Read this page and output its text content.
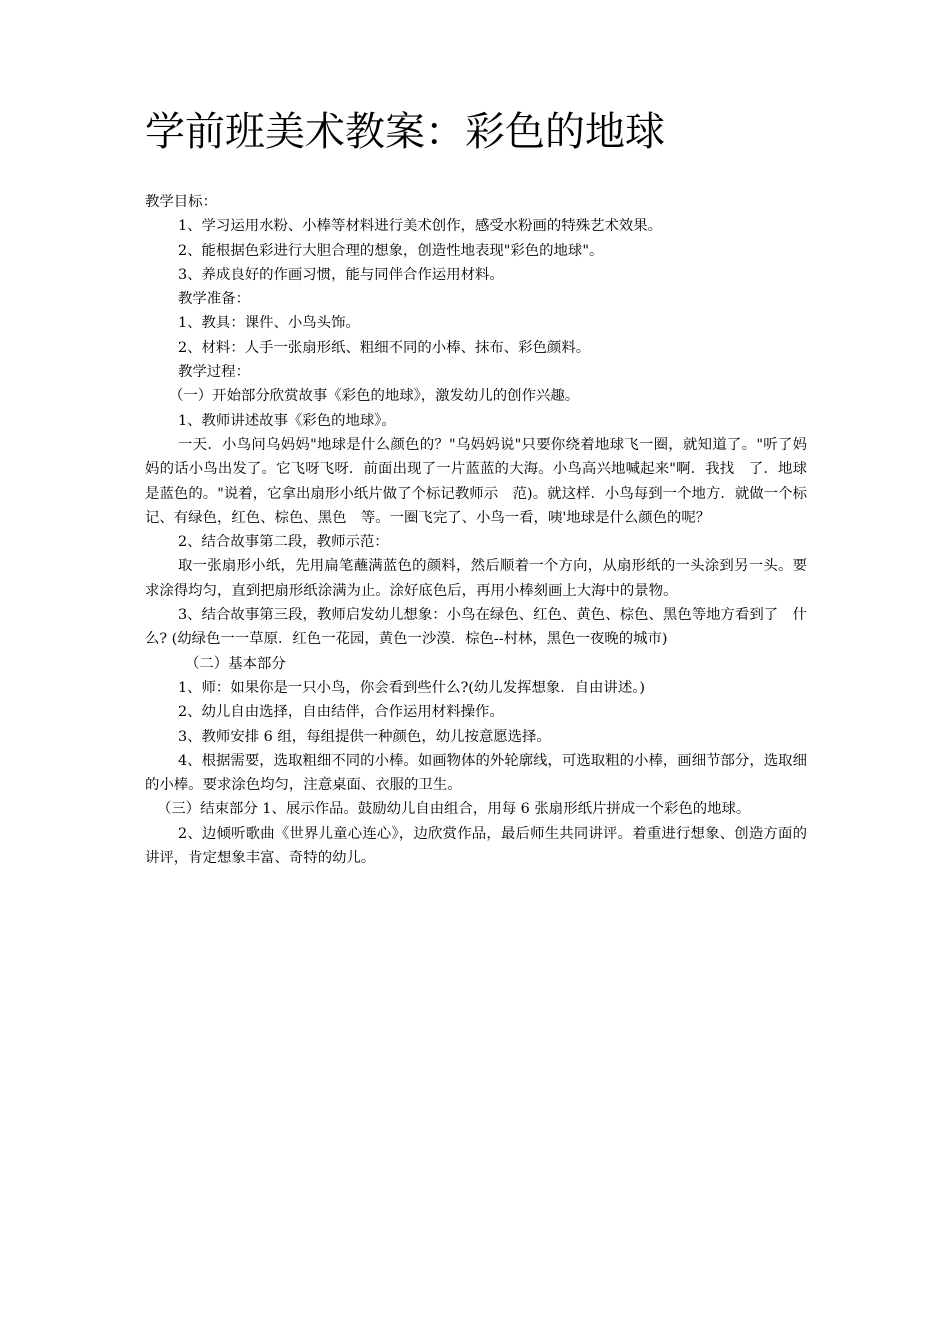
学前班美术教案：彩色的地球

教学目标：

1、学习运用水粉、小棒等材料进行美术创作，感受水粉画的特殊艺术效果。

2、能根据色彩进行大胆合理的想象，创造性地表现"彩色的地球"。

3、养成良好的作画习惯，能与同伴合作运用材料。

教学准备：

1、教具：课件、小鸟头饰。

2、材料：人手一张扇形纸、粗细不同的小棒、抹布、彩色颜料。

教学过程：

（一）开始部分欣赏故事《彩色的地球》，激发幼儿的创作兴趣。

1、教师讲述故事《彩色的地球》。

一天．小鸟问乌妈妈"地球是什么颜色的？"乌妈妈说"只要你绕着地球飞一圈，就知道了。"听了妈妈的话小鸟出发了。它飞呀飞呀．前面出现了一片蓝蓝的大海。小鸟高兴地喊起来"啊．我找　了．地球是蓝色的。"说着，它拿出扇形小纸片做了个标记教师示　范)。就这样．小鸟每到一个地方．就做一个标记、有绿色，红色、棕色、黑色　等。一圈飞完了、小鸟一看，咦'地球是什么颜色的呢？

2、结合故事第二段，教师示范：

取一张扇形小纸，先用扁笔蘸满蓝色的颜料，然后顺着一个方向，从扇形纸的一头涂到另一头。要求涂得均匀，直到把扇形纸涂满为止。涂好底色后，再用小棒刻画上大海中的景物。

3、结合故事第三段，教师启发幼儿想象：小鸟在绿色、红色、黄色、棕色、黑色等地方看到了　什么? (幼绿色一一草原．红色一花园，黄色一沙漠．棕色--村林，黑色一夜晚的城市)

（二）基本部分

1、师：如果你是一只小鸟，你会看到些什么?(幼儿发挥想象．自由讲述。)

2、幼儿自由选择，自由结伴，合作运用材料操作。

3、教师安排 6 组，每组提供一种颜色，幼儿按意愿选择。

4、根据需要，选取粗细不同的小棒。如画物体的外轮廓线，可选取粗的小棒，画细节部分，选取细的小棒。要求涂色均匀，注意桌面、衣服的卫生。

（三）结束部分 1、展示作品。鼓励幼儿自由组合，用每 6 张扇形纸片拼成一个彩色的地球。

2、边倾听歌曲《世界儿童心连心》，边欣赏作品，最后师生共同讲评。着重进行想象、创造方面的讲评，肯定想象丰富、奇特的幼儿。
